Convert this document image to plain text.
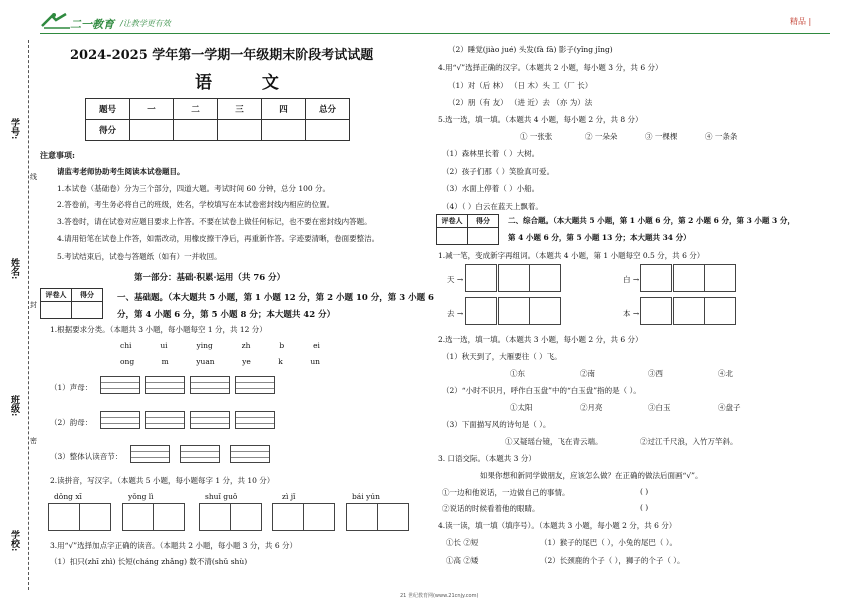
二一教育 /让教学更有效	精品 |
2024-2025 学年第一学期一年级期末阶段考试试题
语 文
题号	一	二	三	四	总分
得分					
学号:
姓名:
班级:
学校:
线
封
密
注意事项:
请监考老师协助考生阅读本试卷题目。
1.本试卷（基础卷）分为三个部分，四道大题。考试时间 60 分钟，总分 100 分。
2.答卷前，考生务必将自己的班级，姓名，学校填写在本试卷密封线内相应的位置。
3.答卷时，请在试卷对应题目要求上作答。不要在试卷上做任何标记，也不要在密封线内答题。
4.请用铅笔在试卷上作答，如需改动，用橡皮擦干净后，再重新作答。字迹要清晰，卷面要整洁。
5.考试结束后，试卷与答题纸（如有）一并收回。
第一部分：基础·积累·运用（共 76 分）
评卷人	得分
		一、基础题。（本大题共 5 小题，第 1 小题 12 分，第 2 小题 10 分，第 3 小题 6
分，第 4 小题 6 分，第 5 小题 8 分；本大题共 42 分）
1.根据要求分类。（本题共 3 小题，每小题每空 1 分，共 12 分）
chi	ui	ying	zh	b	ei
ong	m	yuan	ye	k	un
（1）声母：
（2）韵母：
（3）整体认读音节：
2.读拼音，写汉字。（本题共 5 小题，每小题每字 1 分，共 10 分）
dǒng xī	yǒng lì	shuǐ guǒ	zì jǐ	bái yún
3.用“√”选择加点字正确的读音。（本题共 2 小题，每小题 3 分，共 6 分）
（1）扣只(zhī zhì) 长短(cháng zhǎng) 数不清(shǔ shù)
（2）睡觉(jiào jué) 头发(fà fā) 影子(yǐng jǐng)
4.用“√”选择正确的汉字。（本题共 2 小题，每小题 3 分，共 6 分）
（1）对（后 林） （日 木）头 工（厂 长）
（2）朋（有 友） （进 近）去 （亦 为）法
5.选一选，填一填。（本题共 4 小题，每小题 2 分，共 8 分）
① 一张张	② 一朵朵	③ 一棵棵	④ 一条条
（1）森林里长着（ ）大树。
（2）孩子们那（ ）笑脸真可爱。
（3）水面上停着（ ）小船。
（4）（ ）白云在蓝天上飘着。
评卷人	得分
	二、综合题。（本大题共 5 小题，第 1 小题 6 分，第 2 小题 6 分，第 3 小题 3 分，
第 4 小题 6 分，第 5 小题 13 分；本大题共 34 分）
1.减一笔，变成新字再组词。（本题共 4 小题，第 1 小题每空 0.5 分，共 6 分）
天 →	白 →
去 →	本 →
2.选一选，填一填。（本题共 3 小题，每小题 2 分，共 6 分）
（1）秋天到了，大雁要往（ ）飞。
①东	②南	③西	④北
（2）“小时不识月，呼作白玉盘”中的“白玉盘”指的是（ ）。
①太阳	②月亮	③白玉	④盘子
（3）下面描写风的诗句是（ ）。
①又疑瑶台镜，飞在青云端。	②过江千尺浪，入竹万竿斜。
3. 口语交际。（本题共 3 分）
如果你想和新同学做朋友，应该怎么做？在正确的做法后面画“√”。
①一边和他说话，一边做自己的事情。	( )
②说话的时候看着他的眼睛。	( )
4.读一读，填一填（填序号）。（本题共 3 小题，每小题 2 分，共 6 分）
①长 ②短	（1）猴子的尾巴（ ），小兔的尾巴（ ）。
①高 ②矮	（2）长颈鹿的个子（ ），狮子的个子（ ）。
21 世纪教育网(www.21cnjy.com)
